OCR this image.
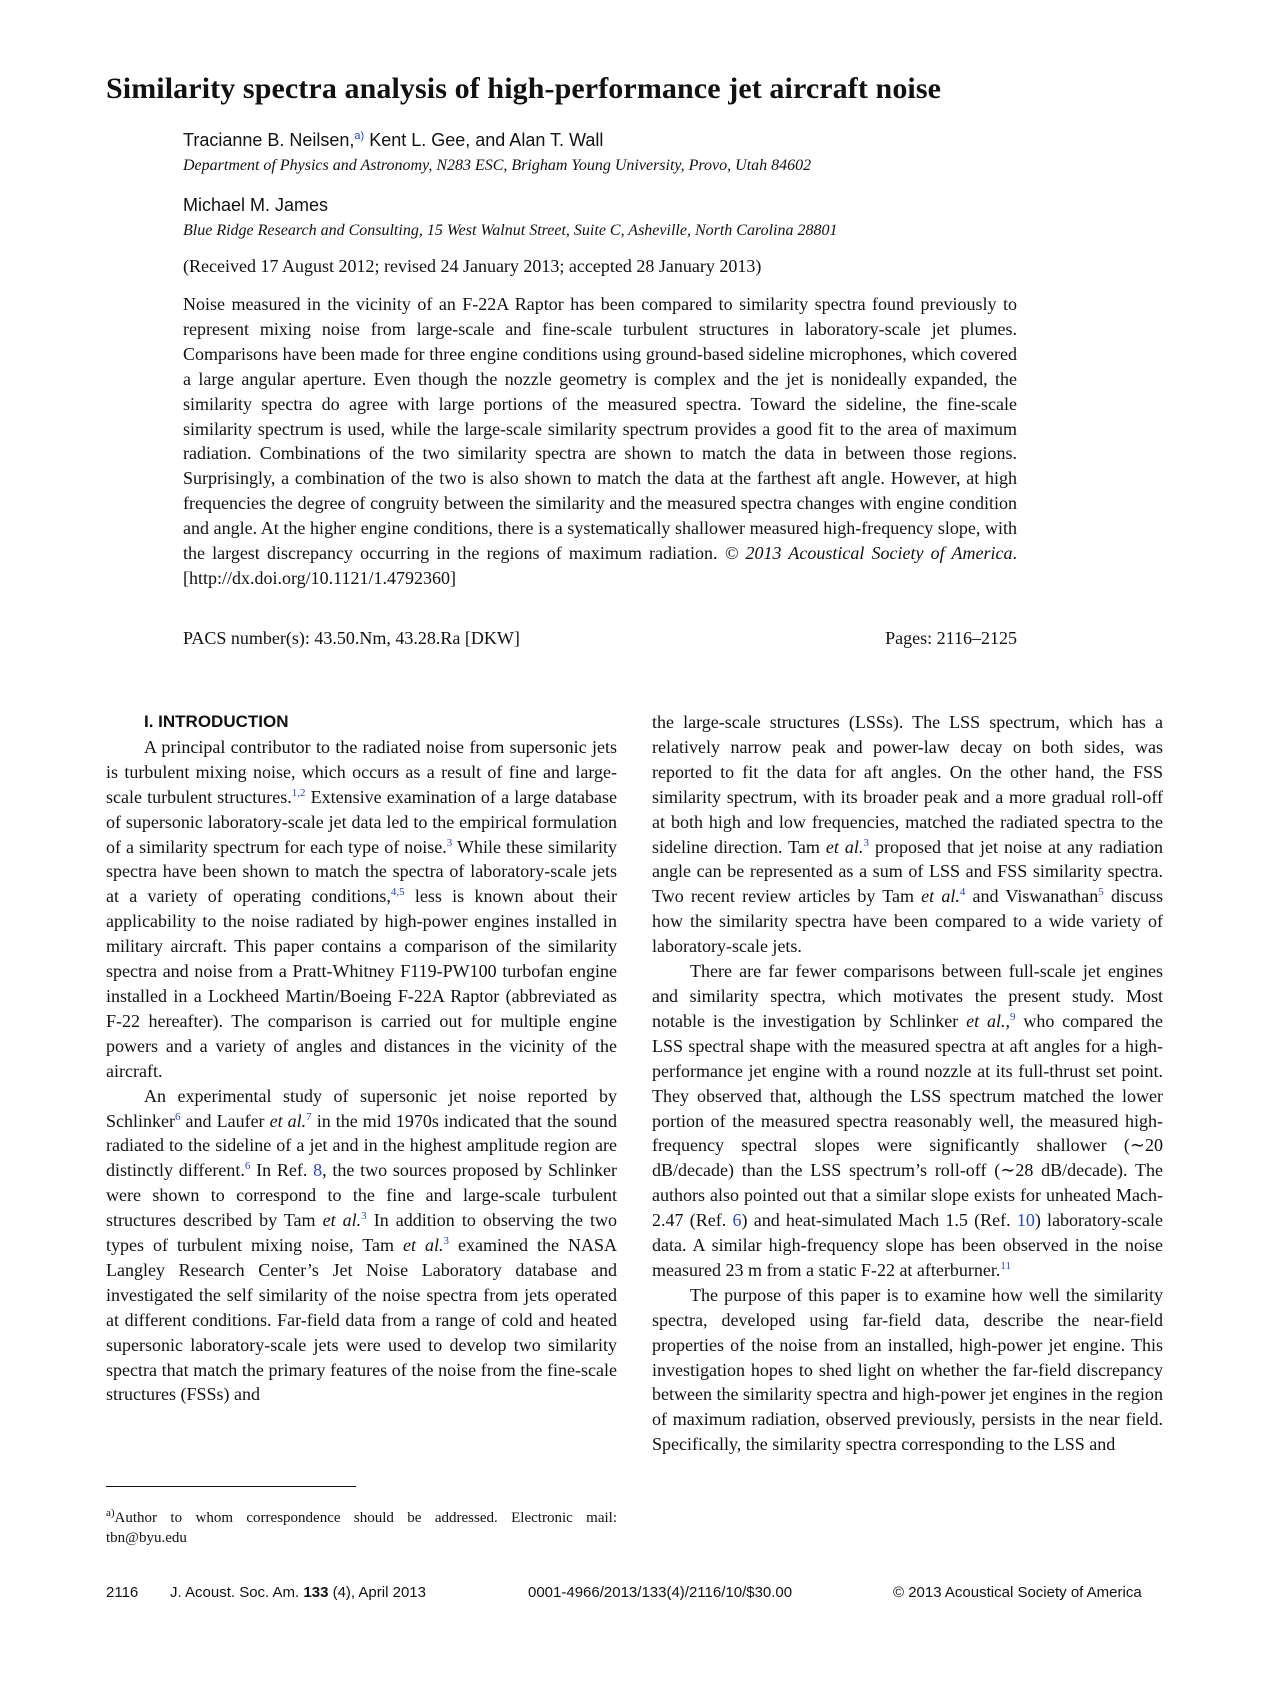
Similarity spectra analysis of high-performance jet aircraft noise
Tracianne B. Neilsen,$^{a)}$ Kent L. Gee, and Alan T. Wall
Department of Physics and Astronomy, N283 ESC, Brigham Young University, Provo, Utah 84602
Michael M. James
Blue Ridge Research and Consulting, 15 West Walnut Street, Suite C, Asheville, North Carolina 28801
(Received 17 August 2012; revised 24 January 2013; accepted 28 January 2013)
Noise measured in the vicinity of an F-22A Raptor has been compared to similarity spectra found previously to represent mixing noise from large-scale and fine-scale turbulent structures in laboratory-scale jet plumes. Comparisons have been made for three engine conditions using ground-based sideline microphones, which covered a large angular aperture. Even though the nozzle geometry is complex and the jet is nonideally expanded, the similarity spectra do agree with large portions of the measured spectra. Toward the sideline, the fine-scale similarity spectrum is used, while the large-scale similarity spectrum provides a good fit to the area of maximum radiation. Combinations of the two similarity spectra are shown to match the data in between those regions. Surprisingly, a combination of the two is also shown to match the data at the farthest aft angle. However, at high frequencies the degree of congruity between the similarity and the measured spectra changes with engine condition and angle. At the higher engine conditions, there is a systematically shallower measured high-frequency slope, with the largest discrepancy occurring in the regions of maximum radiation. © 2013 Acoustical Society of America. [http://dx.doi.org/10.1121/1.4792360]
PACS number(s): 43.50.Nm, 43.28.Ra [DKW]	Pages: 2116–2125

I. INTRODUCTION

A principal contributor to the radiated noise from supersonic jets is turbulent mixing noise, which occurs as a result of fine and large-scale turbulent structures.$^{1,2}$ Extensive examination of a large database of supersonic laboratory-scale jet data led to the empirical formulation of a similarity spectrum for each type of noise.$^3$ While these similarity spectra have been shown to match the spectra of laboratory-scale jets at a variety of operating conditions,$^{4,5}$ less is known about their applicability to the noise radiated by high-power engines installed in military aircraft. This paper contains a comparison of the similarity spectra and noise from a Pratt-Whitney F119-PW100 turbofan engine installed in a Lockheed Martin/Boeing F-22A Raptor (abbreviated as F-22 hereafter). The comparison is carried out for multiple engine powers and a variety of angles and distances in the vicinity of the aircraft.

An experimental study of supersonic jet noise reported by Schlinker$^6$ and Laufer et al.$^7$ in the mid 1970s indicated that the sound radiated to the sideline of a jet and in the highest amplitude region are distinctly different.$^6$ In Ref. 8, the two sources proposed by Schlinker were shown to correspond to the fine and large-scale turbulent structures described by Tam et al.$^3$ In addition to observing the two types of turbulent mixing noise, Tam et al.$^3$ examined the NASA Langley Research Center’s Jet Noise Laboratory database and investigated the self similarity of the noise spectra from jets operated at different conditions. Far-field data from a range of cold and heated supersonic laboratory-scale jets were used to develop two similarity spectra that match the primary features of the noise from the fine-scale structures (FSSs) and

the large-scale structures (LSSs). The LSS spectrum, which has a relatively narrow peak and power-law decay on both sides, was reported to fit the data for aft angles. On the other hand, the FSS similarity spectrum, with its broader peak and a more gradual roll-off at both high and low frequencies, matched the radiated spectra to the sideline direction. Tam et al.$^3$ proposed that jet noise at any radiation angle can be represented as a sum of LSS and FSS similarity spectra. Two recent review articles by Tam et al.$^4$ and Viswanathan$^5$ discuss how the similarity spectra have been compared to a wide variety of laboratory-scale jets.

There are far fewer comparisons between full-scale jet engines and similarity spectra, which motivates the present study. Most notable is the investigation by Schlinker et al.,$^9$ who compared the LSS spectral shape with the measured spectra at aft angles for a high- performance jet engine with a round nozzle at its full-thrust set point. They observed that, although the LSS spectrum matched the lower portion of the measured spectra reasonably well, the measured high-frequency spectral slopes were significantly shallower (∼20 dB/decade) than the LSS spectrum’s roll-off (∼28 dB/decade). The authors also pointed out that a similar slope exists for unheated Mach-2.47 (Ref. 6) and heat-simulated Mach 1.5 (Ref. 10) laboratory-scale data. A similar high-frequency slope has been observed in the noise measured 23 m from a static F-22 at afterburner.$^{11}$

The purpose of this paper is to examine how well the similarity spectra, developed using far-field data, describe the near-field properties of the noise from an installed, high-power jet engine. This investigation hopes to shed light on whether the far-field discrepancy between the similarity spectra and high-power jet engines in the region of maximum radiation, observed previously, persists in the near field. Specifically, the similarity spectra corresponding to the LSS and

$^{a)}$Author to whom correspondence should be addressed. Electronic mail: tbn@byu.edu
2116 J. Acoust. Soc. Am. 133 (4), April 2013	0001-4966/2013/133(4)/2116/10/$30.00	© 2013 Acoustical Society of America
